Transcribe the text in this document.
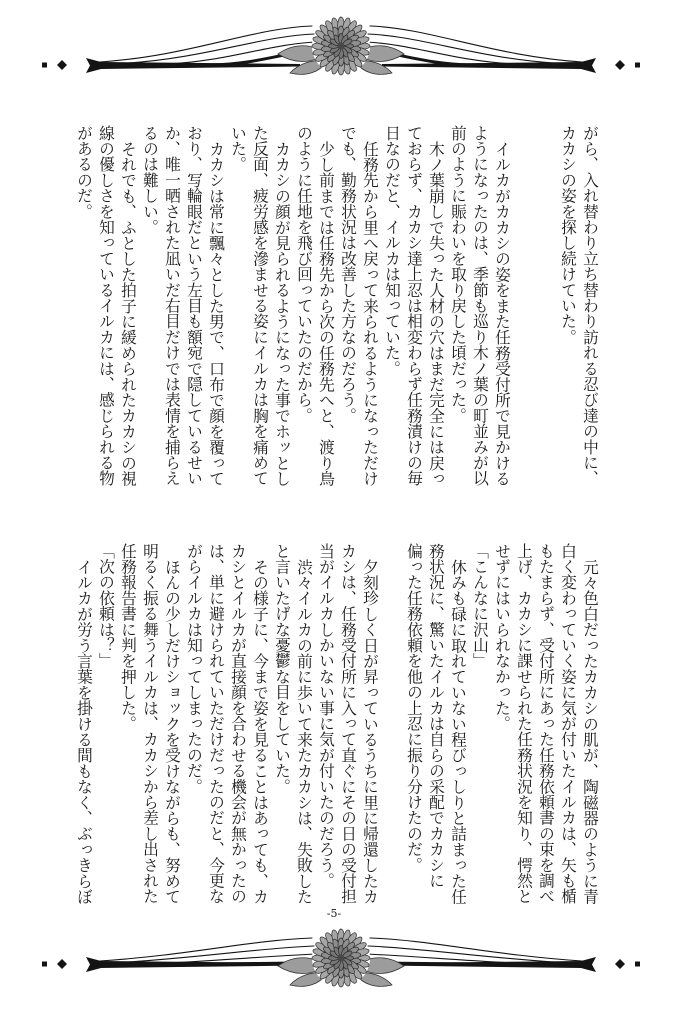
がら、入れ替わり立ち替わり訪れる忍び達の中に、
カカシの姿を探し続けていた。
イルカがカカシの姿をまた任務受付所で見かける
ようになったのは、季節も巡り木ノ葉の町並みが以
前のように賑わいを取り戻した頃だった。
木ノ葉崩しで失った人材の穴はまだ完全には戻っ
ておらず、カカシ達上忍は相変わらず任務漬けの毎
日なのだと、イルカは知っていた。
任務先から里へ戻って来られるようになっただけ
でも、勤務状況は改善した方なのだろう。
少し前までは任務先から次の任務先へと、渡り鳥
のように任地を飛び回っていたのだから。
カカシの顔が見られるようになった事でホッとし
た反面、疲労感を滲ませる姿にイルカは胸を痛めて
いた。
カカシは常に飄々とした男で、口布で顔を覆って
おり、写輪眼だという左目も額宛で隠しているせい
か、唯一晒された凪いだ右目だけでは表情を捕らえ
るのは難しい。
それでも、ふとした拍子に緩められたカカシの視
線の優しさを知っているイルカには、感じられる物
があるのだ。
元々色白だったカカシの肌が、陶磁器のように青
白く変わっていく姿に気が付いたイルカは、矢も楯
もたまらず、受付所にあった任務依頼書の束を調べ
上げ、カカシに課せられた任務状況を知り、愕然と
せずにはいられなかった。
「こんなに沢山」
休みも碌に取れていない程びっしりと詰まった任
務状況に、驚いたイルカは自らの采配でカカシに
偏った任務依頼を他の上忍に振り分けたのだ。
夕刻珍しく日が昇っているうちに里に帰還したカ
カシは、任務受付所に入って直ぐにその日の受付担
当がイルカしかいない事に気が付いたのだろう。
渋々イルカの前に歩いて来たカカシは、失敗した
と言いたげな憂鬱な目をしていた。
その様子に、今まで姿を見ることはあっても、カ
カシとイルカが直接顔を合わせる機会が無かったの
は、単に避けられていただけだったのだと、今更な
がらイルカは知ってしまったのだ。
ほんの少しだけショックを受けながらも、努めて
明るく振る舞うイルカは、カカシから差し出された
任務報告書に判を押した。
「次の依頼は？」
イルカが労う言葉を掛ける間もなく、ぶっきらぼ
-5-
